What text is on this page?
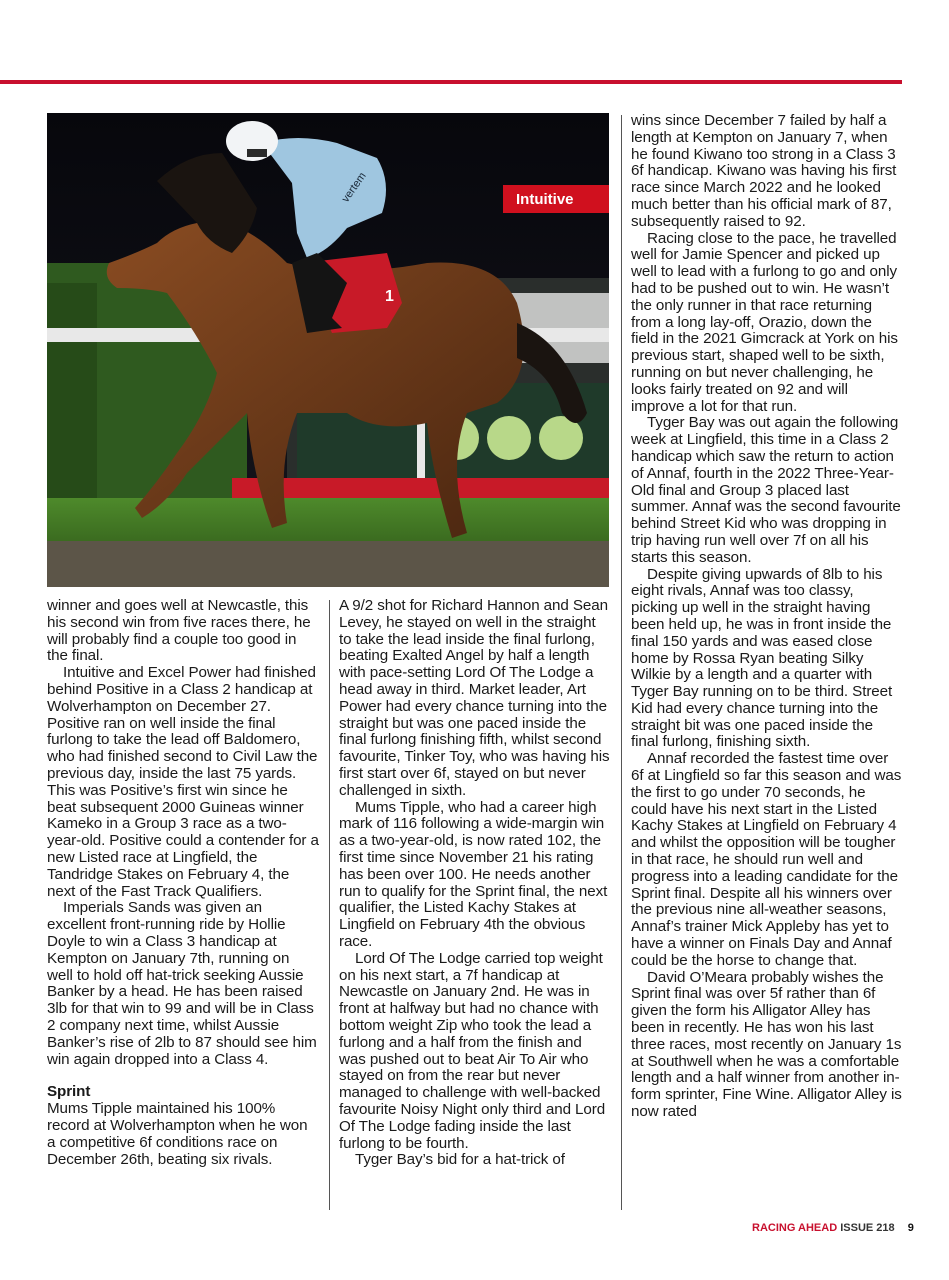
1
vertem	Intuitive

winner and goes well at Newcastle, this his second win from five races there, he will probably find a couple too good in the final.

Intuitive and Excel Power had finished behind Positive in a Class 2 handicap at Wolverhampton on December 27. Positive ran on well inside the final furlong to take the lead off Baldomero, who had finished second to Civil Law the previous day, inside the last 75 yards. This was Positive’s first win since he beat subsequent 2000 Guineas winner Kameko in a Group 3 race as a two-year-old. Positive could a contender for a new Listed race at Lingfield, the Tandridge Stakes on February 4, the next of the Fast Track Qualifiers.

Imperials Sands was given an excellent front-running ride by Hollie Doyle to win a Class 3 handicap at Kempton on January 7th, running on well to hold off hat-trick seeking Aussie Banker by a head. He has been raised 3lb for that win to 99 and will be in Class 2 company next time, whilst Aussie Banker’s rise of 2lb to 87 should see him win again dropped into a Class 4.

Sprint

Mums Tipple maintained his 100% record at Wolverhampton when he won a competitive 6f conditions race on December 26th, beating six rivals.

A 9/2 shot for Richard Hannon and Sean Levey, he stayed on well in the straight to take the lead inside the final furlong, beating Exalted Angel by half a length with pace-setting Lord Of The Lodge a head away in third. Market leader, Art Power had every chance turning into the straight but was one paced inside the final furlong finishing fifth, whilst second favourite, Tinker Toy, who was having his first start over 6f, stayed on but never challenged in sixth.

Mums Tipple, who had a career high mark of 116 following a wide-margin win as a two-year-old, is now rated 102, the first time since November 21 his rating has been over 100. He needs another run to qualify for the Sprint final, the next qualifier, the Listed Kachy Stakes at Lingfield on February 4th the obvious race.

Lord Of The Lodge carried top weight on his next start, a 7f handicap at Newcastle on January 2nd. He was in front at halfway but had no chance with bottom weight Zip who took the lead a furlong and a half from the finish and was pushed out to beat Air To Air who stayed on from the rear but never managed to challenge with well-backed favourite Noisy Night only third and Lord Of The Lodge fading inside the last furlong to be fourth.

Tyger Bay’s bid for a hat-trick of

wins since December 7 failed by half a length at Kempton on January 7, when he found Kiwano too strong in a Class 3 6f handicap. Kiwano was having his first race since March 2022 and he looked much better than his official mark of 87, subsequently raised to 92.

Racing close to the pace, he travelled well for Jamie Spencer and picked up well to lead with a furlong to go and only had to be pushed out to win. He wasn’t the only runner in that race returning from a long lay-off, Orazio, down the field in the 2021 Gimcrack at York on his previous start, shaped well to be sixth, running on but never challenging, he looks fairly treated on 92 and will improve a lot for that run.

Tyger Bay was out again the following week at Lingfield, this time in a Class 2 handicap which saw the return to action of Annaf, fourth in the 2022 Three-Year-Old final and Group 3 placed last summer. Annaf was the second favourite behind Street Kid who was dropping in trip having run well over 7f on all his starts this season.

Despite giving upwards of 8lb to his eight rivals, Annaf was too classy, picking up well in the straight having been held up, he was in front inside the final 150 yards and was eased close home by Rossa Ryan beating Silky Wilkie by a length and a quarter with Tyger Bay running on to be third. Street Kid had every chance turning into the straight bit was one paced inside the final furlong, finishing sixth.

Annaf recorded the fastest time over 6f at Lingfield so far this season and was the first to go under 70 seconds, he could have his next start in the Listed Kachy Stakes at Lingfield on February 4 and whilst the opposition will be tougher in that race, he should run well and progress into a leading candidate for the Sprint final. Despite all his winners over the previous nine all-weather seasons, Annaf’s trainer Mick Appleby has yet to have a winner on Finals Day and Annaf could be the horse to change that.

David O’Meara probably wishes the Sprint final was over 5f rather than 6f given the form his Alligator Alley has been in recently. He has won his last three races, most recently on January 1s at Southwell when he was a comfortable length and a half winner from another in-form sprinter, Fine Wine. Alligator Alley is now rated

RACING AHEAD ISSUE 218 9
